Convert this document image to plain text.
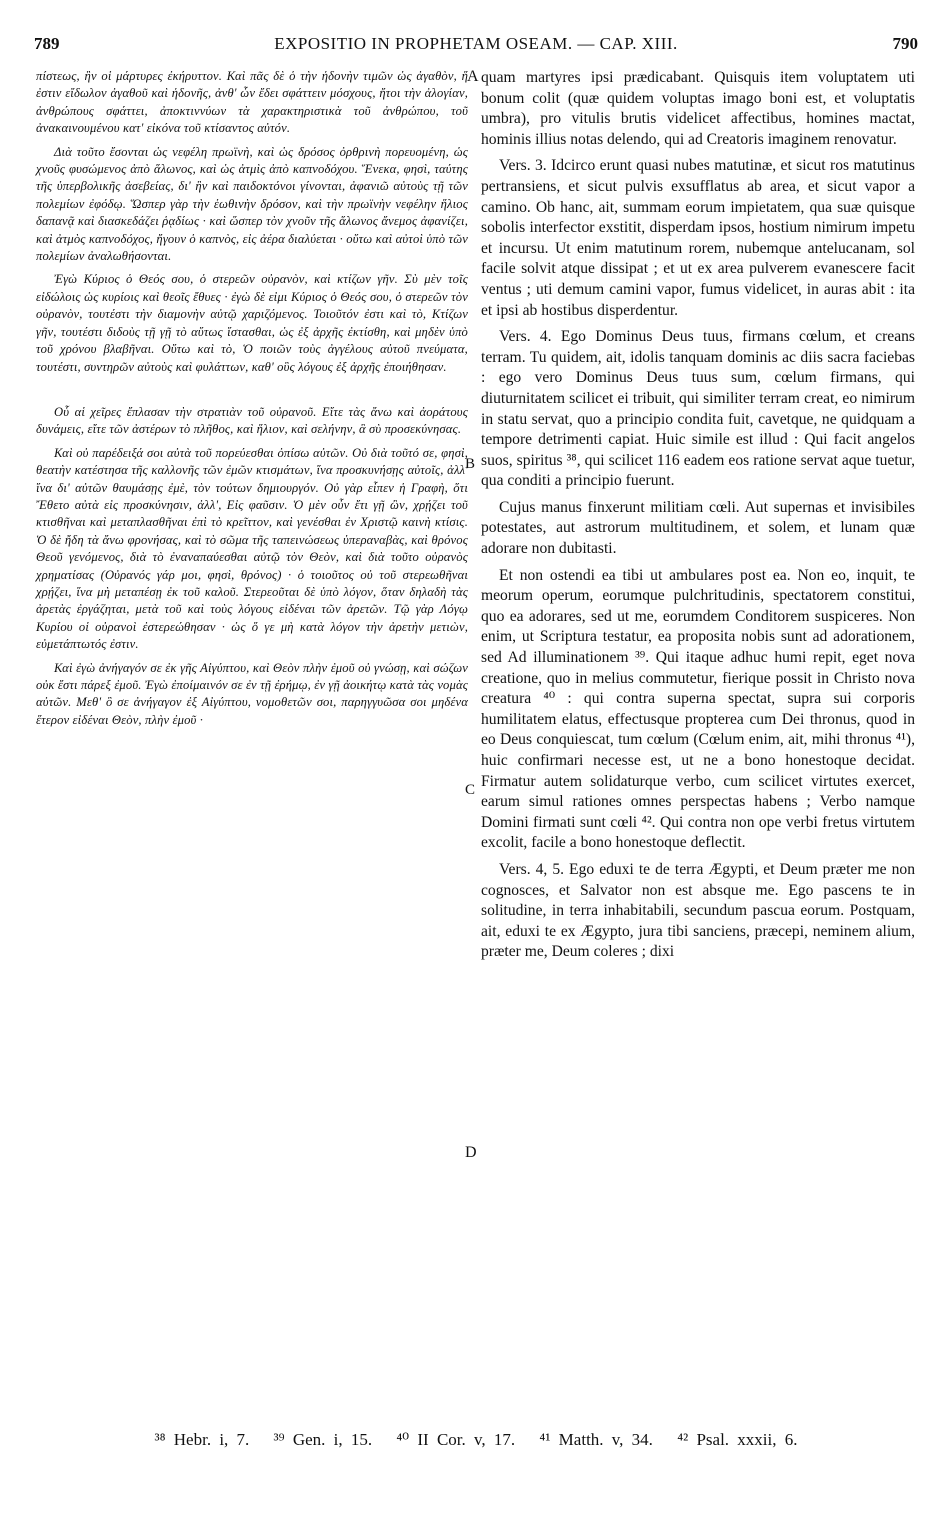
789	EXPOSITIO IN PROPHETAM OSEAM. — CAP. XIII.	790

πίστεως, ἣν οἱ μάρτυρες ἐκήρυττον. Καὶ πᾶς δὲ ὁ τὴν ἡδονὴν τιμῶν ὡς ἀγαθὸν, ἥ ἐστιν εἴδωλον ἀγαθοῦ καὶ ἡδονῆς, ἀνθ' ὧν ἔδει σφάττειν μόσχους, ἤτοι τὴν ἀλογίαν, ἀνθρώπους σφάττει, ἀποκτιννύων τὰ χαρακτηριστικὰ τοῦ ἀνθρώπου, τοῦ ἀνακαινουμένου κατ' εἰκόνα τοῦ κτίσαντος αὐτόν.

Διὰ τοῦτο ἔσονται ὡς νεφέλη πρωϊνὴ, καὶ ὡς δρόσος ὀρθρινὴ πορευομένη, ὡς χνοῦς φυσώμενος ἀπὸ ἅλωνος, καὶ ὡς ἀτμὶς ἀπὸ καπνοδόχου. Ἕνεκα, φησὶ, ταύτης τῆς ὑπερβολικῆς ἀσεβείας, δι' ἣν καὶ παιδοκτόνοι γίνονται, ἀφανιῶ αὐτοὺς τῇ τῶν πολεμίων ἐφόδῳ. Ὥσπερ γὰρ τὴν ἑωθινὴν δρόσον, καὶ τὴν πρωϊνὴν νεφέλην ἥλιος δαπανᾷ καὶ διασκεδάζει ῥᾳδίως · καὶ ὥσπερ τὸν χνοῦν τῆς ἅλωνος ἄνεμος ἀφανίζει, καὶ ἀτμὸς καπνοδόχος, ἤγουν ὁ καπνὸς, εἰς ἀέρα διαλύεται · οὕτω καὶ αὐτοὶ ὑπὸ τῶν πολεμίων ἀναλωθήσονται.

Ἐγὼ Κύριος ὁ Θεός σου, ὁ στερεῶν οὐρανὸν, καὶ κτίζων γῆν. Σὺ μὲν τοῖς εἰδώλοις ὡς κυρίοις καὶ θεοῖς ἔθυες · ἐγὼ δὲ εἰμι Κύριος ὁ Θεός σου, ὁ στερεῶν τὸν οὐρανὸν, τουτέστι τὴν διαμονὴν αὐτῷ χαριζόμενος. Τοιοῦτόν ἐστι καὶ τὸ, Κτίζων γῆν, τουτέστι διδοὺς τῇ γῇ τὸ αὕτως ἵστασθαι, ὡς ἐξ ἀρχῆς ἐκτίσθη, καὶ μηδὲν ὑπὸ τοῦ χρόνου βλαβῆναι. Οὕτω καὶ τὸ, Ὁ ποιῶν τοὺς ἀγγέλους αὐτοῦ πνεύματα, τουτέστι, συντηρῶν αὐτοὺς καὶ φυλάττων, καθ' οὓς λόγους ἐξ ἀρχῆς ἐποιήθησαν.

Οὗ αἱ χεῖρες ἔπλασαν τὴν στρατιὰν τοῦ οὐρανοῦ. Εἴτε τὰς ἄνω καὶ ἀοράτους δυνάμεις, εἴτε τῶν ἀστέρων τὸ πλῆθος, καὶ ἥλιον, καὶ σελήνην, ἃ σὺ προσεκύνησας.

Καὶ οὐ παρέδειξά σοι αὐτὰ τοῦ πορεύεσθαι ὀπίσω αὐτῶν. Οὐ διὰ τοῦτό σε, φησὶ, θεατὴν κατέστησα τῆς καλλονῆς τῶν ἐμῶν κτισμάτων, ἵνα προσκυνήσῃς αὐτοῖς, ἀλλ' ἵνα δι' αὐτῶν θαυμάσῃς ἐμὲ, τὸν τούτων δημιουργόν. Οὐ γὰρ εἶπεν ἡ Γραφὴ, ὅτι Ἔθετο αὐτὰ εἰς προσκύνησιν, ἀλλ', Εἰς φαῦσιν. Ὁ μὲν οὖν ἔτι γῇ ὢν, χρῄζει τοῦ κτισθῆναι καὶ μεταπλασθῆναι ἐπὶ τὸ κρεῖττον, καὶ γενέσθαι ἐν Χριστῷ καινὴ κτίσις. Ὁ δὲ ἤδη τὰ ἄνω φρονήσας, καὶ τὸ σῶμα τῆς ταπεινώσεως ὑπεραναβὰς, καὶ θρόνος Θεοῦ γενόμενος, διὰ τὸ ἐναναπαύεσθαι αὐτῷ τὸν Θεὸν, καὶ διὰ τοῦτο οὐρανὸς χρηματίσας (Οὐρανός γάρ μοι, φησὶ, θρόνος) · ὁ τοιοῦτος οὐ τοῦ στερεωθῆναι χρῄζει, ἵνα μὴ μεταπέσῃ ἐκ τοῦ καλοῦ. Στερεοῦται δὲ ὑπὸ λόγον, ὅταν δηλαδὴ τὰς ἀρετὰς ἐργάζηται, μετὰ τοῦ καὶ τοὺς λόγους εἰδέναι τῶν ἀρετῶν. Τῷ γὰρ Λόγῳ Κυρίου οἱ οὐρανοὶ ἐστερεώθησαν · ὡς ὅ γε μὴ κατὰ λόγον τὴν ἀρετὴν μετιὼν, εὐμετάπτωτός ἐστιν.

Καὶ ἐγὼ ἀνήγαγόν σε ἐκ γῆς Αἰγύπτου, καὶ Θεὸν πλὴν ἐμοῦ οὐ γνώσῃ, καὶ σώζων οὐκ ἔστι πάρεξ ἐμοῦ. Ἐγὼ ἐποίμαινόν σε ἐν τῇ ἐρήμῳ, ἐν γῇ ἀοικήτῳ κατὰ τὰς νομὰς αὐτῶν. Μεθ' ὃ σε ἀνήγαγον ἐξ Αἰγύπτου, νομοθετῶν σοι, παρηγγυῶσα σοι μηδένα ἕτερον εἰδέναι Θεὸν, πλὴν ἐμοῦ ·

A
B
C
D

quam martyres ipsi prædicabant. Quisquis item voluptatem uti bonum colit (quæ quidem voluptas imago boni est, et voluptatis umbra), pro vitulis brutis videlicet affectibus, homines mactat, hominis illius notas delendo, qui ad Creatoris imaginem renovatur.

Vers. 3. Idcirco erunt quasi nubes matutinæ, et sicut ros matutinus pertransiens, et sicut pulvis exsufflatus ab area, et sicut vapor a camino. Ob hanc, ait, summam eorum impietatem, qua suæ quisque sobolis interfector exstitit, disperdam ipsos, hostium nimirum impetu et incursu. Ut enim matutinum rorem, nubemque antelucanam, sol facile solvit atque dissipat ; et ut ex area pulverem evanescere facit ventus ; uti demum camini vapor, fumus videlicet, in auras abit : ita et ipsi ab hostibus disperdentur.

Vers. 4. Ego Dominus Deus tuus, firmans cœlum, et creans terram. Tu quidem, ait, idolis tanquam dominis ac diis sacra faciebas : ego vero Dominus Deus tuus sum, cœlum firmans, qui diuturnitatem scilicet ei tribuit, qui similiter terram creat, eo nimirum in statu servat, quo a principio condita fuit, cavetque, ne quidquam a tempore detrimenti capiat. Huic simile est illud : Qui facit angelos suos, spiritus ³⁸, qui scilicet 116 eadem eos ratione servat aque tuetur, qua conditi a principio fuerunt.

Cujus manus finxerunt militiam cœli. Aut supernas et invisibiles potestates, aut astrorum multitudinem, et solem, et lunam quæ adorare non dubitasti.

Et non ostendi ea tibi ut ambulares post ea. Non eo, inquit, te meorum operum, eorumque pulchritudinis, spectatorem constitui, quo ea adorares, sed ut me, eorumdem Conditorem suspiceres. Non enim, ut Scriptura testatur, ea proposita nobis sunt ad adorationem, sed Ad illuminationem ³⁹. Qui itaque adhuc humi repit, eget nova creatione, quo in melius commutetur, fierique possit in Christo nova creatura ⁴⁰ : qui contra superna spectat, supra sui corporis humilitatem elatus, effectusque propterea cum Dei thronus, quod in eo Deus conquiescat, tum cœlum (Cœlum enim, ait, mihi thronus ⁴¹), huic confirmari necesse est, ut ne a bono honestoque decidat. Firmatur autem solidaturque verbo, cum scilicet virtutes exercet, earum simul rationes omnes perspectas habens ; Verbo namque Domini firmati sunt cœli ⁴². Qui contra non ope verbi fretus virtutem excolit, facile a bono honestoque deflectit.

Vers. 4, 5. Ego eduxi te de terra Ægypti, et Deum præter me non cognosces, et Salvator non est absque me. Ego pascens te in solitudine, in terra inhabitabili, secundum pascua eorum. Postquam, ait, eduxi te ex Ægypto, jura tibi sanciens, præcepi, neminem alium, præter me, Deum coleres ; dixi

³⁸ Hebr. i, 7. ³⁹ Gen. i, 15. ⁴⁰ II Cor. v, 17. ⁴¹ Matth. v, 34. ⁴² Psal. xxxii, 6.
